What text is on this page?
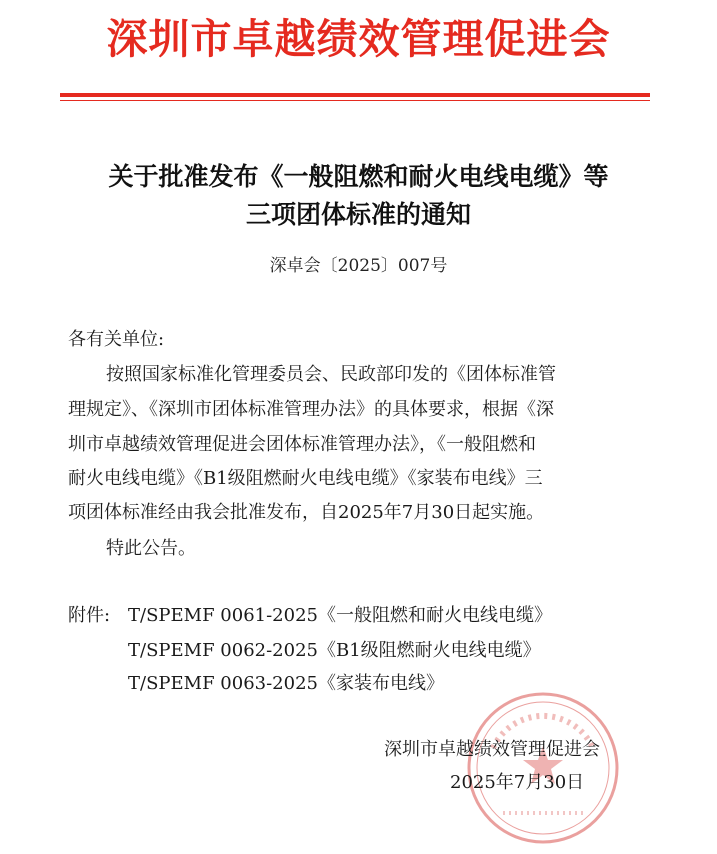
深圳市卓越绩效管理促进会
关于批准发布《一般阻燃和耐火电线电缆》等
三项团体标准的通知
深卓会〔2025〕007号
各有关单位:
按照国家标准化管理委员会、民政部印发的《团体标准管
理规定》、《深圳市团体标准管理办法》的具体要求，根据《深
圳市卓越绩效管理促进会团体标准管理办法》，《一般阻燃和
耐火电线电缆》《B1级阻燃耐火电线电缆》《家装布电线》三
项团体标准经由我会批准发布，自2025年7月30日起实施。
特此公告。
附件: T/SPEMF 0061-2025《一般阻燃和耐火电线电缆》
T/SPEMF 0062-2025《B1级阻燃耐火电线电缆》
T/SPEMF 0063-2025《家装布电线》
深圳市卓越绩效管理促进会
2025年7月30日
